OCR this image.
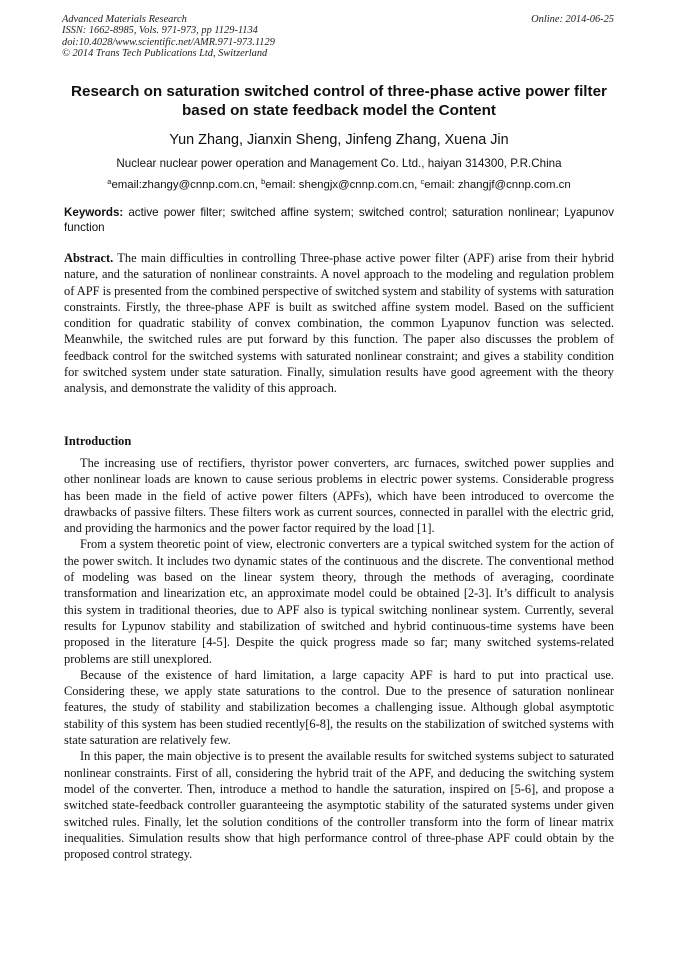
Advanced Materials Research
ISSN: 1662-8985, Vols. 971-973, pp 1129-1134
doi:10.4028/www.scientific.net/AMR.971-973.1129
© 2014 Trans Tech Publications Ltd, Switzerland
Online: 2014-06-25
Research on saturation switched control of three-phase active power filter based on state feedback model the Content
Yun Zhang, Jianxin Sheng, Jinfeng Zhang, Xuena Jin
Nuclear nuclear power operation and Management Co. Ltd., haiyan 314300, P.R.China
$^a$email:zhangy@cnnp.com.cn, $^b$email: shengjx@cnnp.com.cn, $^c$email: zhangjf@cnnp.com.cn
Keywords: active power filter; switched affine system; switched control; saturation nonlinear; Lyapunov function
Abstract. The main difficulties in controlling Three-phase active power filter (APF) arise from their hybrid nature, and the saturation of nonlinear constraints. A novel approach to the modeling and regulation problem of APF is presented from the combined perspective of switched system and stability of systems with saturation constraints. Firstly, the three-phase APF is built as switched affine system model. Based on the sufficient condition for quadratic stability of convex combination, the common Lyapunov function was selected. Meanwhile, the switched rules are put forward by this function. The paper also discusses the problem of feedback control for the switched systems with saturated nonlinear constraint; and gives a stability condition for switched system under state saturation. Finally, simulation results have good agreement with the theory analysis, and demonstrate the validity of this approach.
Introduction

The increasing use of rectifiers, thyristor power converters, arc furnaces, switched power supplies and other nonlinear loads are known to cause serious problems in electric power systems. Considerable progress has been made in the field of active power filters (APFs), which have been introduced to overcome the drawbacks of passive filters. These filters work as current sources, connected in parallel with the electric grid, and providing the harmonics and the power factor required by the load [1].

From a system theoretic point of view, electronic converters are a typical switched system for the action of the power switch. It includes two dynamic states of the continuous and the discrete. The conventional method of modeling was based on the linear system theory, through the methods of averaging, coordinate transformation and linearization etc, an approximate model could be obtained [2-3]. It’s difficult to analysis this system in traditional theories, due to APF also is typical switching nonlinear system. Currently, several results for Lypunov stability and stabilization of switched and hybrid continuous-time systems have been proposed in the literature [4-5]. Despite the quick progress made so far; many switched systems-related problems are still unexplored.

Because of the existence of hard limitation, a large capacity APF is hard to put into practical use. Considering these, we apply state saturations to the control. Due to the presence of saturation nonlinear features, the study of stability and stabilization becomes a challenging issue. Although global asymptotic stability of this system has been studied recently[6-8], the results on the stabilization of switched systems with state saturation are relatively few.

In this paper, the main objective is to present the available results for switched systems subject to saturated nonlinear constraints. First of all, considering the hybrid trait of the APF, and deducing the switching system model of the converter. Then, introduce a method to handle the saturation, inspired on [5-6], and propose a switched state-feedback controller guaranteeing the asymptotic stability of the saturated systems under given switched rules. Finally, let the solution conditions of the controller transform into the form of linear matrix inequalities. Simulation results show that high performance control of three-phase APF could obtain by the proposed control strategy.
